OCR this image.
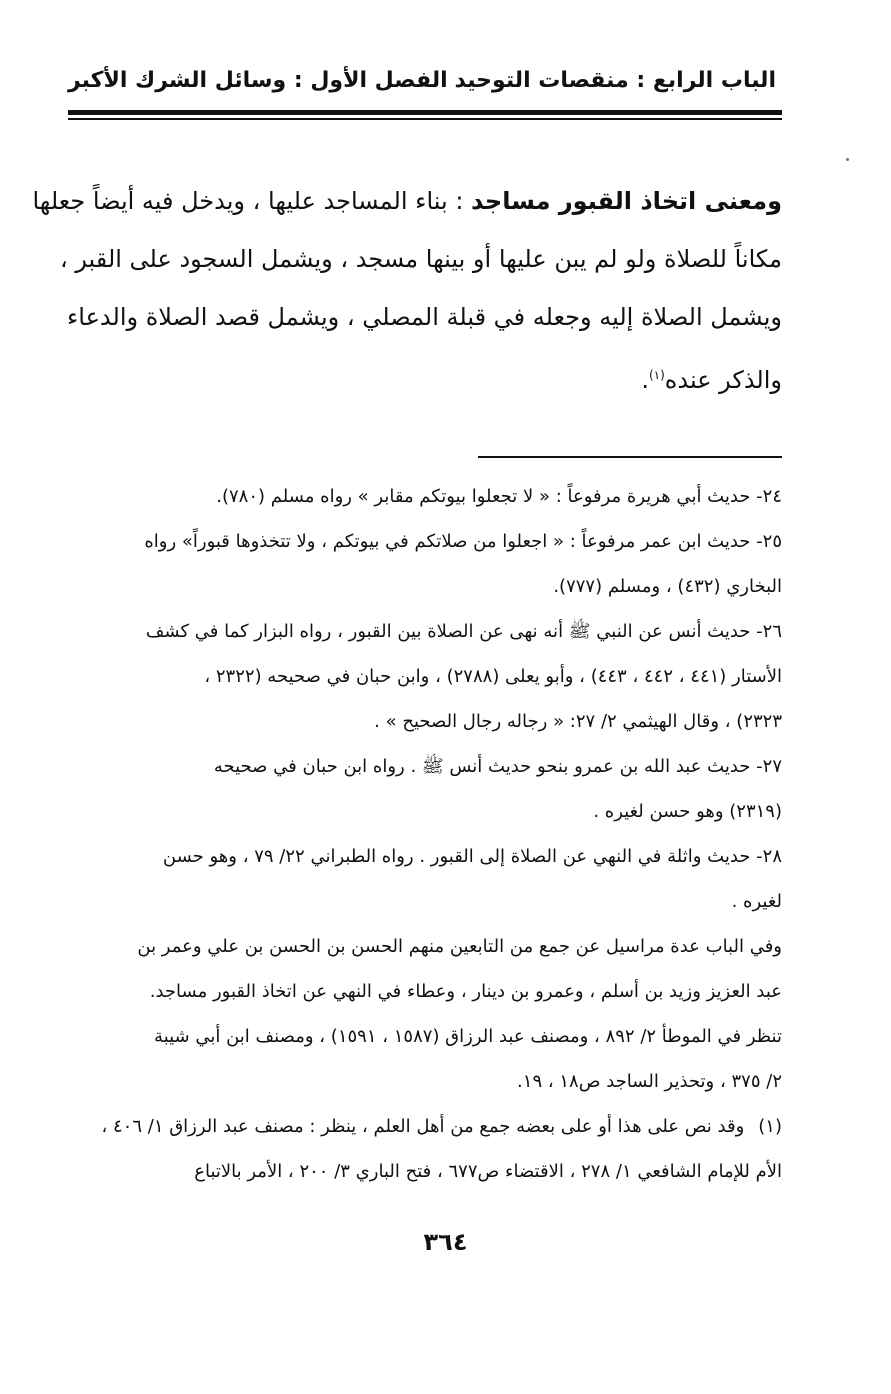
الباب الرابع : منقصات التوحيد
الفصل الأول : وسائل الشرك الأكبر
ومعنى اتخاذ القبور مساجد : بناء المساجد عليها ، ويدخل فيه أيضاً جعلها
مكاناً للصلاة ولو لم يبن عليها أو بينها مسجد ، ويشمل السجود على القبر ،
ويشمل الصلاة إليه وجعله في قبلة المصلي ، ويشمل قصد الصلاة والدعاء
والذكر عنده$^{(١)}$.
٢٤- حديث أبي هريرة مرفوعاً : « لا تجعلوا بيوتكم مقابر » رواه مسلم (٧٨٠).
٢٥- حديث ابن عمر مرفوعاً : « اجعلوا من صلاتكم في بيوتكم ، ولا تتخذوها قبوراً» رواه
البخاري (٤٣٢) ، ومسلم (٧٧٧).
٢٦- حديث أنس عن النبي ﷺ أنه نهى عن الصلاة بين القبور ، رواه البزار كما في كشف
الأستار (٤٤١ ، ٤٤٢ ، ٤٤٣) ، وأبو يعلى (٢٧٨٨) ، وابن حبان في صحيحه (٢٣٢٢ ،
٢٣٢٣) ، وقال الهيثمي ٢/ ٢٧: « رجاله رجال الصحيح » .
٢٧- حديث عبد الله بن عمرو بنحو حديث أنس ﷺ . رواه ابن حبان في صحيحه
(٢٣١٩) وهو حسن لغيره .
٢٨- حديث واثلة في النهي عن الصلاة إلى القبور . رواه الطبراني ٢٢/ ٧٩ ، وهو حسن
لغيره .
وفي الباب عدة مراسيل عن جمع من التابعين منهم الحسن بن الحسن بن علي وعمر بن
عبد العزيز وزيد بن أسلم ، وعمرو بن دينار ، وعطاء في النهي عن اتخاذ القبور مساجد.
تنظر في الموطأ ٢/ ٨٩٢ ، ومصنف عبد الرزاق (١٥٨٧ ، ١٥٩١) ، ومصنف ابن أبي شيبة
٢/ ٣٧٥ ، وتحذير الساجد ص١٨ ، ١٩.
(١)وقد نص على هذا أو على بعضه جمع من أهل العلم ، ينظر : مصنف عبد الرزاق ١/ ٤٠٦ ،
الأم للإمام الشافعي ١/ ٢٧٨ ، الاقتضاء ص٦٧٧ ، فتح الباري ٣/ ٢٠٠ ، الأمر بالاتباع
٣٦٤
